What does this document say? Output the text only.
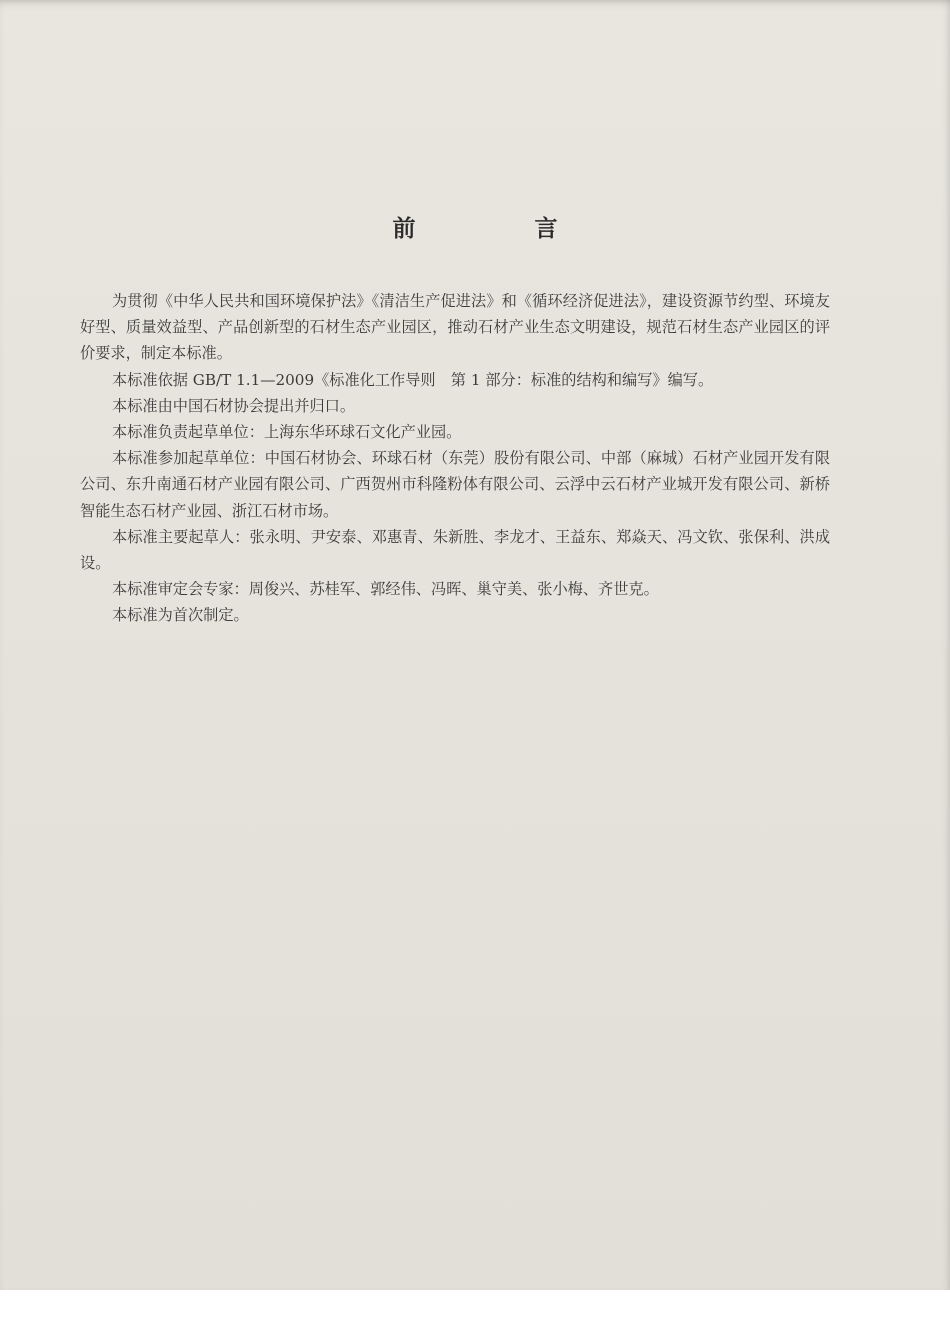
前　言

为贯彻《中华人民共和国环境保护法》《清洁生产促进法》和《循环经济促进法》，建设资源节约型、环境友好型、质量效益型、产品创新型的石材生态产业园区，推动石材产业生态文明建设，规范石材生态产业园区的评价要求，制定本标准。

本标准依据 GB/T 1.1—2009《标准化工作导则　第 1 部分：标准的结构和编写》编写。

本标准由中国石材协会提出并归口。

本标准负责起草单位：上海东华环球石文化产业园。

本标准参加起草单位：中国石材协会、环球石材（东莞）股份有限公司、中部（麻城）石材产业园开发有限公司、东升南通石材产业园有限公司、广西贺州市科隆粉体有限公司、云浮中云石材产业城开发有限公司、新桥智能生态石材产业园、浙江石材市场。

本标准主要起草人：张永明、尹安泰、邓惠青、朱新胜、李龙才、王益东、郑焱天、冯文钦、张保利、洪成设。

本标准审定会专家：周俊兴、苏桂军、郭经伟、冯晖、巢守美、张小梅、齐世克。

本标准为首次制定。
